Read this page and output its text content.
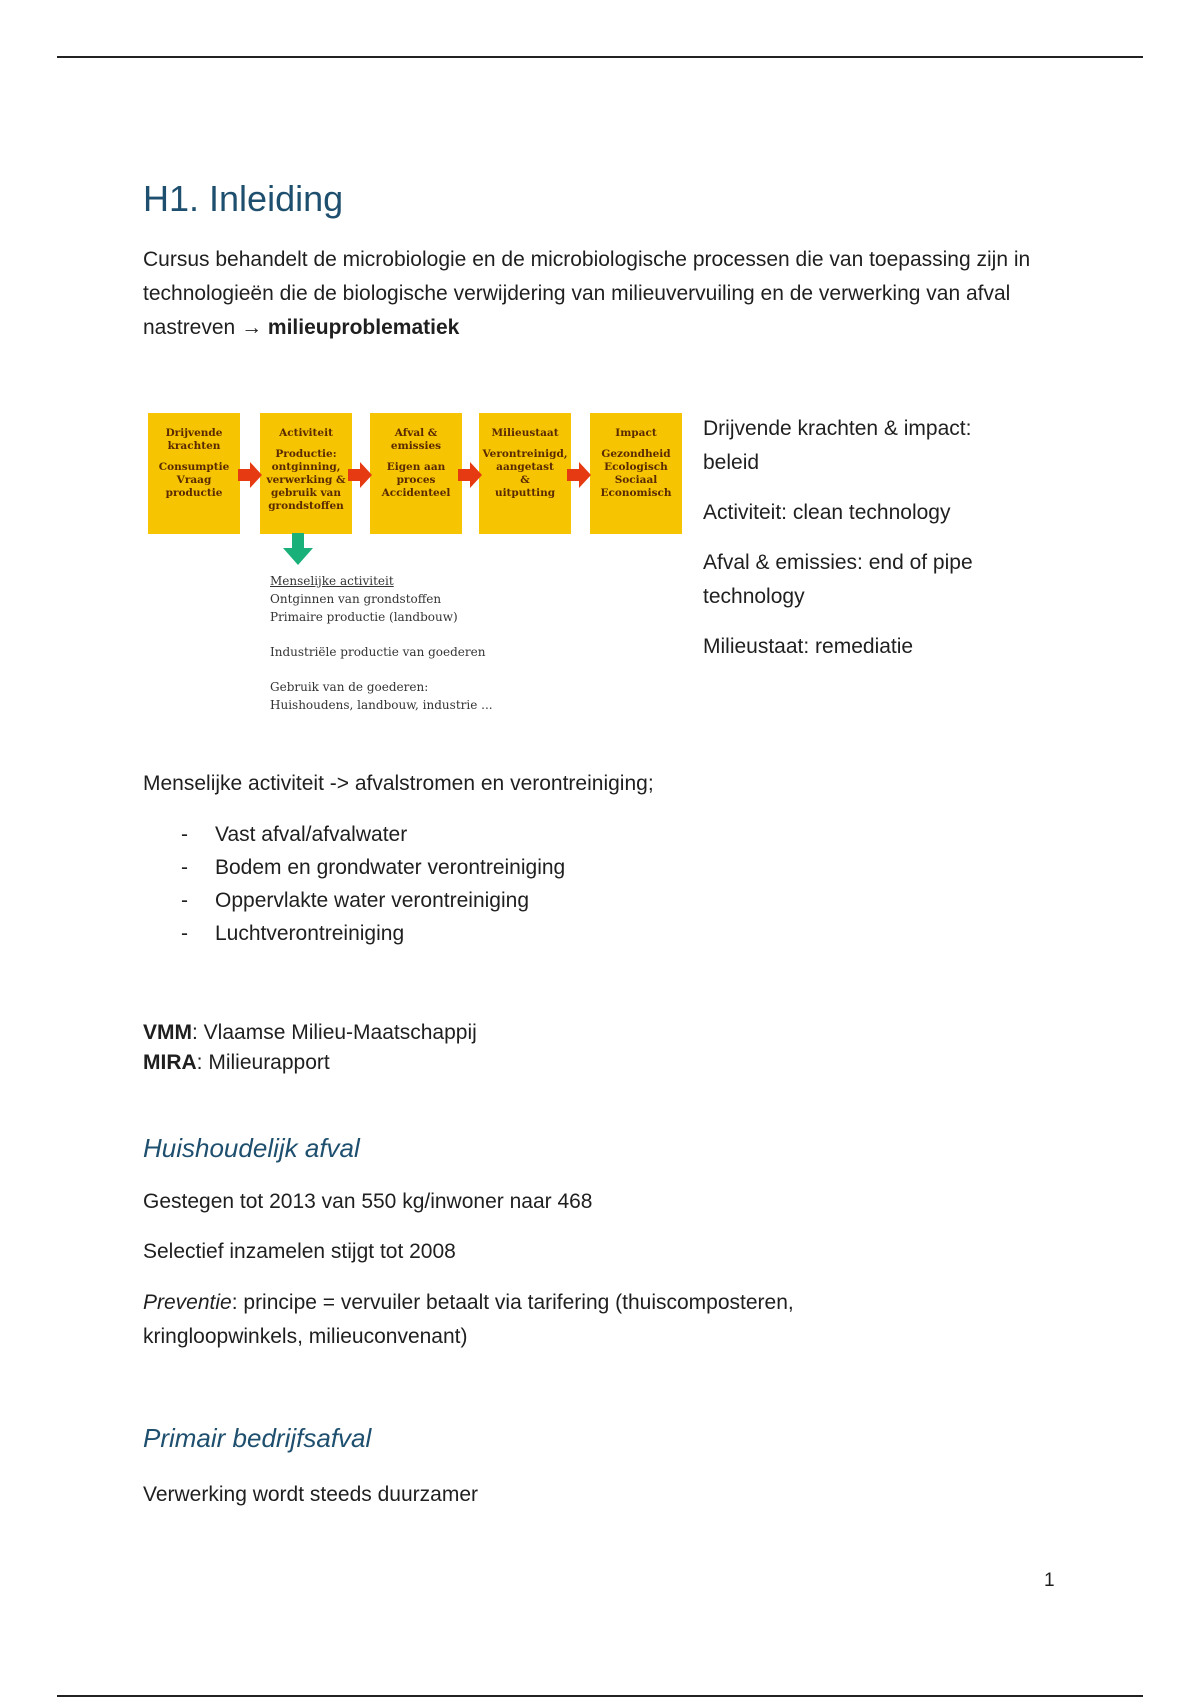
H1. Inleiding

Cursus behandelt de microbiologie en de microbiologische processen die van toepassing zijn in technologieën die de biologische verwijdering van milieuvervuiling en de verwerking van afval nastreven → milieuproblematiek

Drijvende krachten
Consumptie
Vraag
productie
Activiteit
Productie:
ontginning,
verwerking &
gebruik van
grondstoffen
Afval &
emissies
Eigen aan
proces
Accidenteel
Milieustaat
Verontreinigd,
aangetast
&
uitputting
Impact
Gezondheid
Ecologisch
Sociaal
Economisch
Menselijke activiteit
Ontginnen van grondstoffen
Primaire productie (landbouw)
Industriële productie van goederen
Gebruik van de goederen:
Huishoudens, landbouw, industrie ...

Drijvende krachten & impact: beleid

Activiteit: clean technology

Afval & emissies: end of pipe technology

Milieustaat: remediatie

Menselijke activiteit -> afvalstromen en verontreiniging;

- Vast afval/afvalwater
- Bodem en grondwater verontreiniging
- Oppervlakte water verontreiniging
- Luchtverontreiniging
VMM: Vlaamse Milieu-Maatschappij
MIRA: Milieurapport
Huishoudelijk afval

Gestegen tot 2013 van 550 kg/inwoner naar 468

Selectief inzamelen stijgt tot 2008

Preventie: principe = vervuiler betaalt via tarifering (thuiscomposteren, kringloopwinkels, milieuconvenant)

Primair bedrijfsafval

Verwerking wordt steeds duurzamer

1
